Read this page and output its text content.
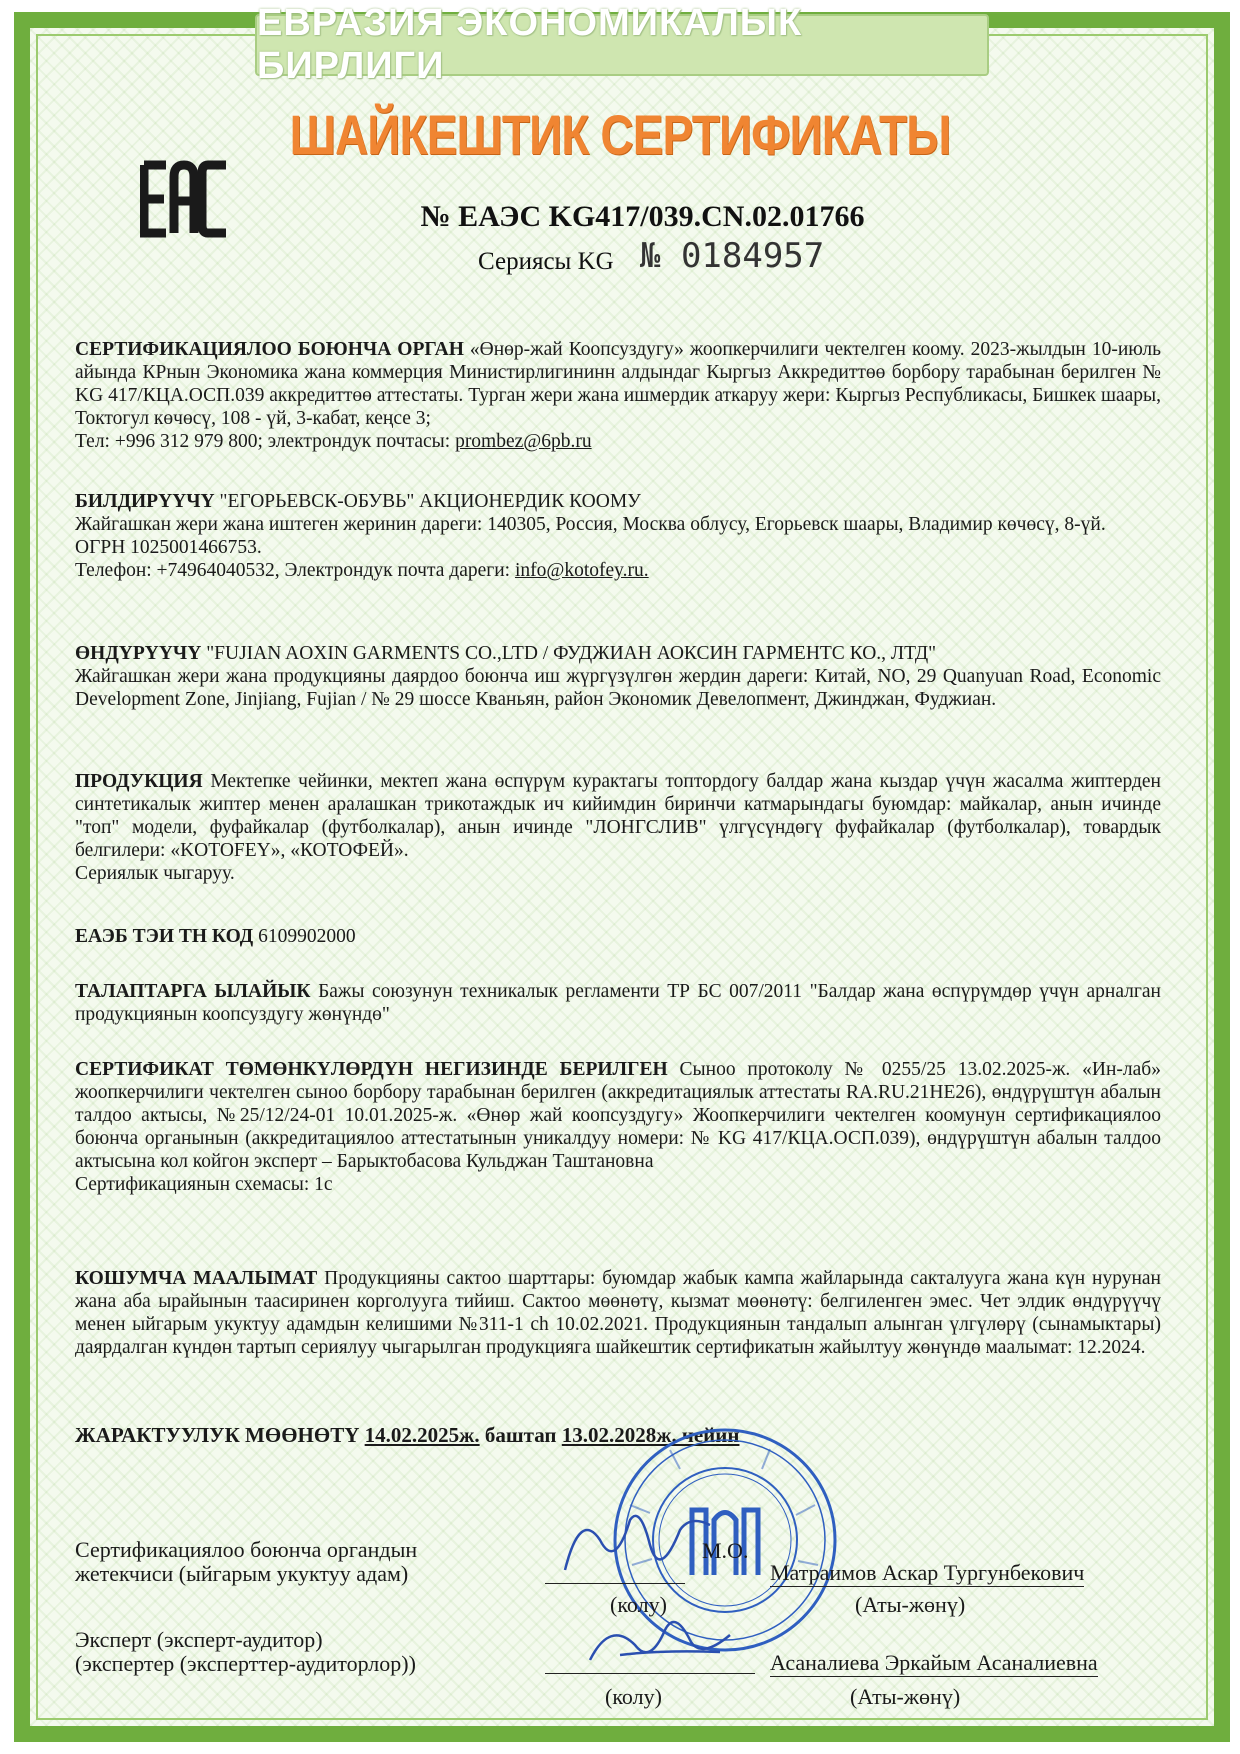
ЕВРАЗИЯ ЭКОНОМИКАЛЫК БИРЛИГИ
ШАЙКЕШТИК СЕРТИФИКАТЫ
№ ЕАЭС KG417/039.CN.02.01766
Сериясы KG № 0184957
СЕРТИФИКАЦИЯЛОО БОЮНЧА ОРГАН «Өнөр-жай Коопсуздугу» жоопкерчилиги чектелген коому. 2023-жылдын 10-июль айында КРнын Экономика жана коммерция Министирлигининн алдындаг Кыргыз Аккредиттөө борбору тарабынан берилген № KG 417/КЦА.ОСП.039 аккредиттөө аттестаты. Турган жери жана ишмердик аткаруу жери: Кыргыз Республикасы, Бишкек шаары, Токтогул көчөсү, 108 - үй, 3-кабат, кеңсе 3;
Тел: +996 312 979 800; электрондук почтасы: prombez@6pb.ru
БИЛДИРҮҮЧҮ "ЕГОРЬЕВСК-ОБУВЬ" АКЦИОНЕРДИК КООМУ
Жайгашкан жери жана иштеген жеринин дареги: 140305, Россия, Москва облусу, Егорьевск шаары, Владимир көчөсү, 8-үй.
ОГРН 1025001466753.
Телефон: +74964040532, Электрондук почта дареги: info@kotofey.ru.
ӨНДҮРҮҮЧҮ "FUJIAN AOXIN GARMENTS CO.,LTD / ФУДЖИАН АОКСИН ГАРМЕНТС КО., ЛТД"
Жайгашкан жери жана продукцияны даярдоо боюнча иш жүргүзүлгөн жердин дареги: Китай, NO, 29 Quanyuan Road, Economic Development Zone, Jinjiang, Fujian / № 29 шоссе Кваньян, район Экономик Девелопмент, Джинджан, Фуджиан.
ПРОДУКЦИЯ Мектепке чейинки, мектеп жана өспүрүм курактагы топтордогу балдар жана кыздар үчүн жасалма жиптерден синтетикалык жиптер менен аралашкан трикотаждык ич кийимдин биринчи катмарындагы буюмдар: майкалар, анын ичинде "топ" модели, фуфайкалар (футболкалар), анын ичинде "ЛОНГСЛИВ" үлгүсүндөгү фуфайкалар (футболкалар), товардык белгилери: «KOTOFEY», «КОТОФЕЙ».
Сериялык чыгаруу.
ЕАЭБ ТЭИ ТН КОД 6109902000
ТАЛАПТАРГА ЫЛАЙЫК Бажы союзунун техникалык регламенти ТР БС 007/2011 "Балдар жана өспүрүмдөр үчүн арналган продукциянын коопсуздугу жөнүндө"
СЕРТИФИКАТ ТӨМӨНКҮЛӨРДҮН НЕГИЗИНДЕ БЕРИЛГЕН Сыноо протоколу № 0255/25 13.02.2025-ж. «Ин-лаб» жоопкерчилиги чектелген сыноо борбору тарабынан берилген (аккредитациялык аттестаты RA.RU.21НЕ26), өндүрүштүн абалын талдоо актысы, №25/12/24-01 10.01.2025-ж. «Өнөр жай коопсуздугу» Жоопкерчилиги чектелген коомунун сертификациялоо боюнча органынын (аккредитациялоо аттестатынын уникалдуу номери: № KG 417/КЦА.ОСП.039), өндүрүштүн абалын талдоо актысына кол койгон эксперт – Барыктобасова Кульджан Таштановна
Сертификациянын схемасы: 1с
КОШУМЧА МААЛЫМАТ Продукцияны сактоо шарттары: буюмдар жабык кампа жайларында сакталууга жана күн нурунан жана аба ырайынын таасиринен корголууга тийиш. Сактоо мөөнөтү, кызмат мөөнөтү: белгиленген эмес. Чет элдик өндүрүүчү менен ыйгарым укуктуу адамдын келишими №311-1 ch 10.02.2021. Продукциянын тандалып алынган үлгүлөрү (сынамыктары) даярдалган күндөн тартып сериялуу чыгарылган продукцияга шайкештик сертификатын жайылтуу жөнүндө маалымат: 12.2024.
ЖАРАКТУУЛУК МӨӨНӨТҮ 14.02.2025ж. баштап 13.02.2028ж. чейин
Сертификациялоо боюнча органдын
жетекчиси (ыйгарым укуктуу адам)
М.О.
Матраимов Аскар Тургунбекович
(колу)	(Аты-жөнү)
Эксперт (эксперт-аудитор)
(экспертер (эксперттер-аудиторлор))	Асаналиева Эркайым Асаналиевна
(колу)	(Аты-жөнү)
